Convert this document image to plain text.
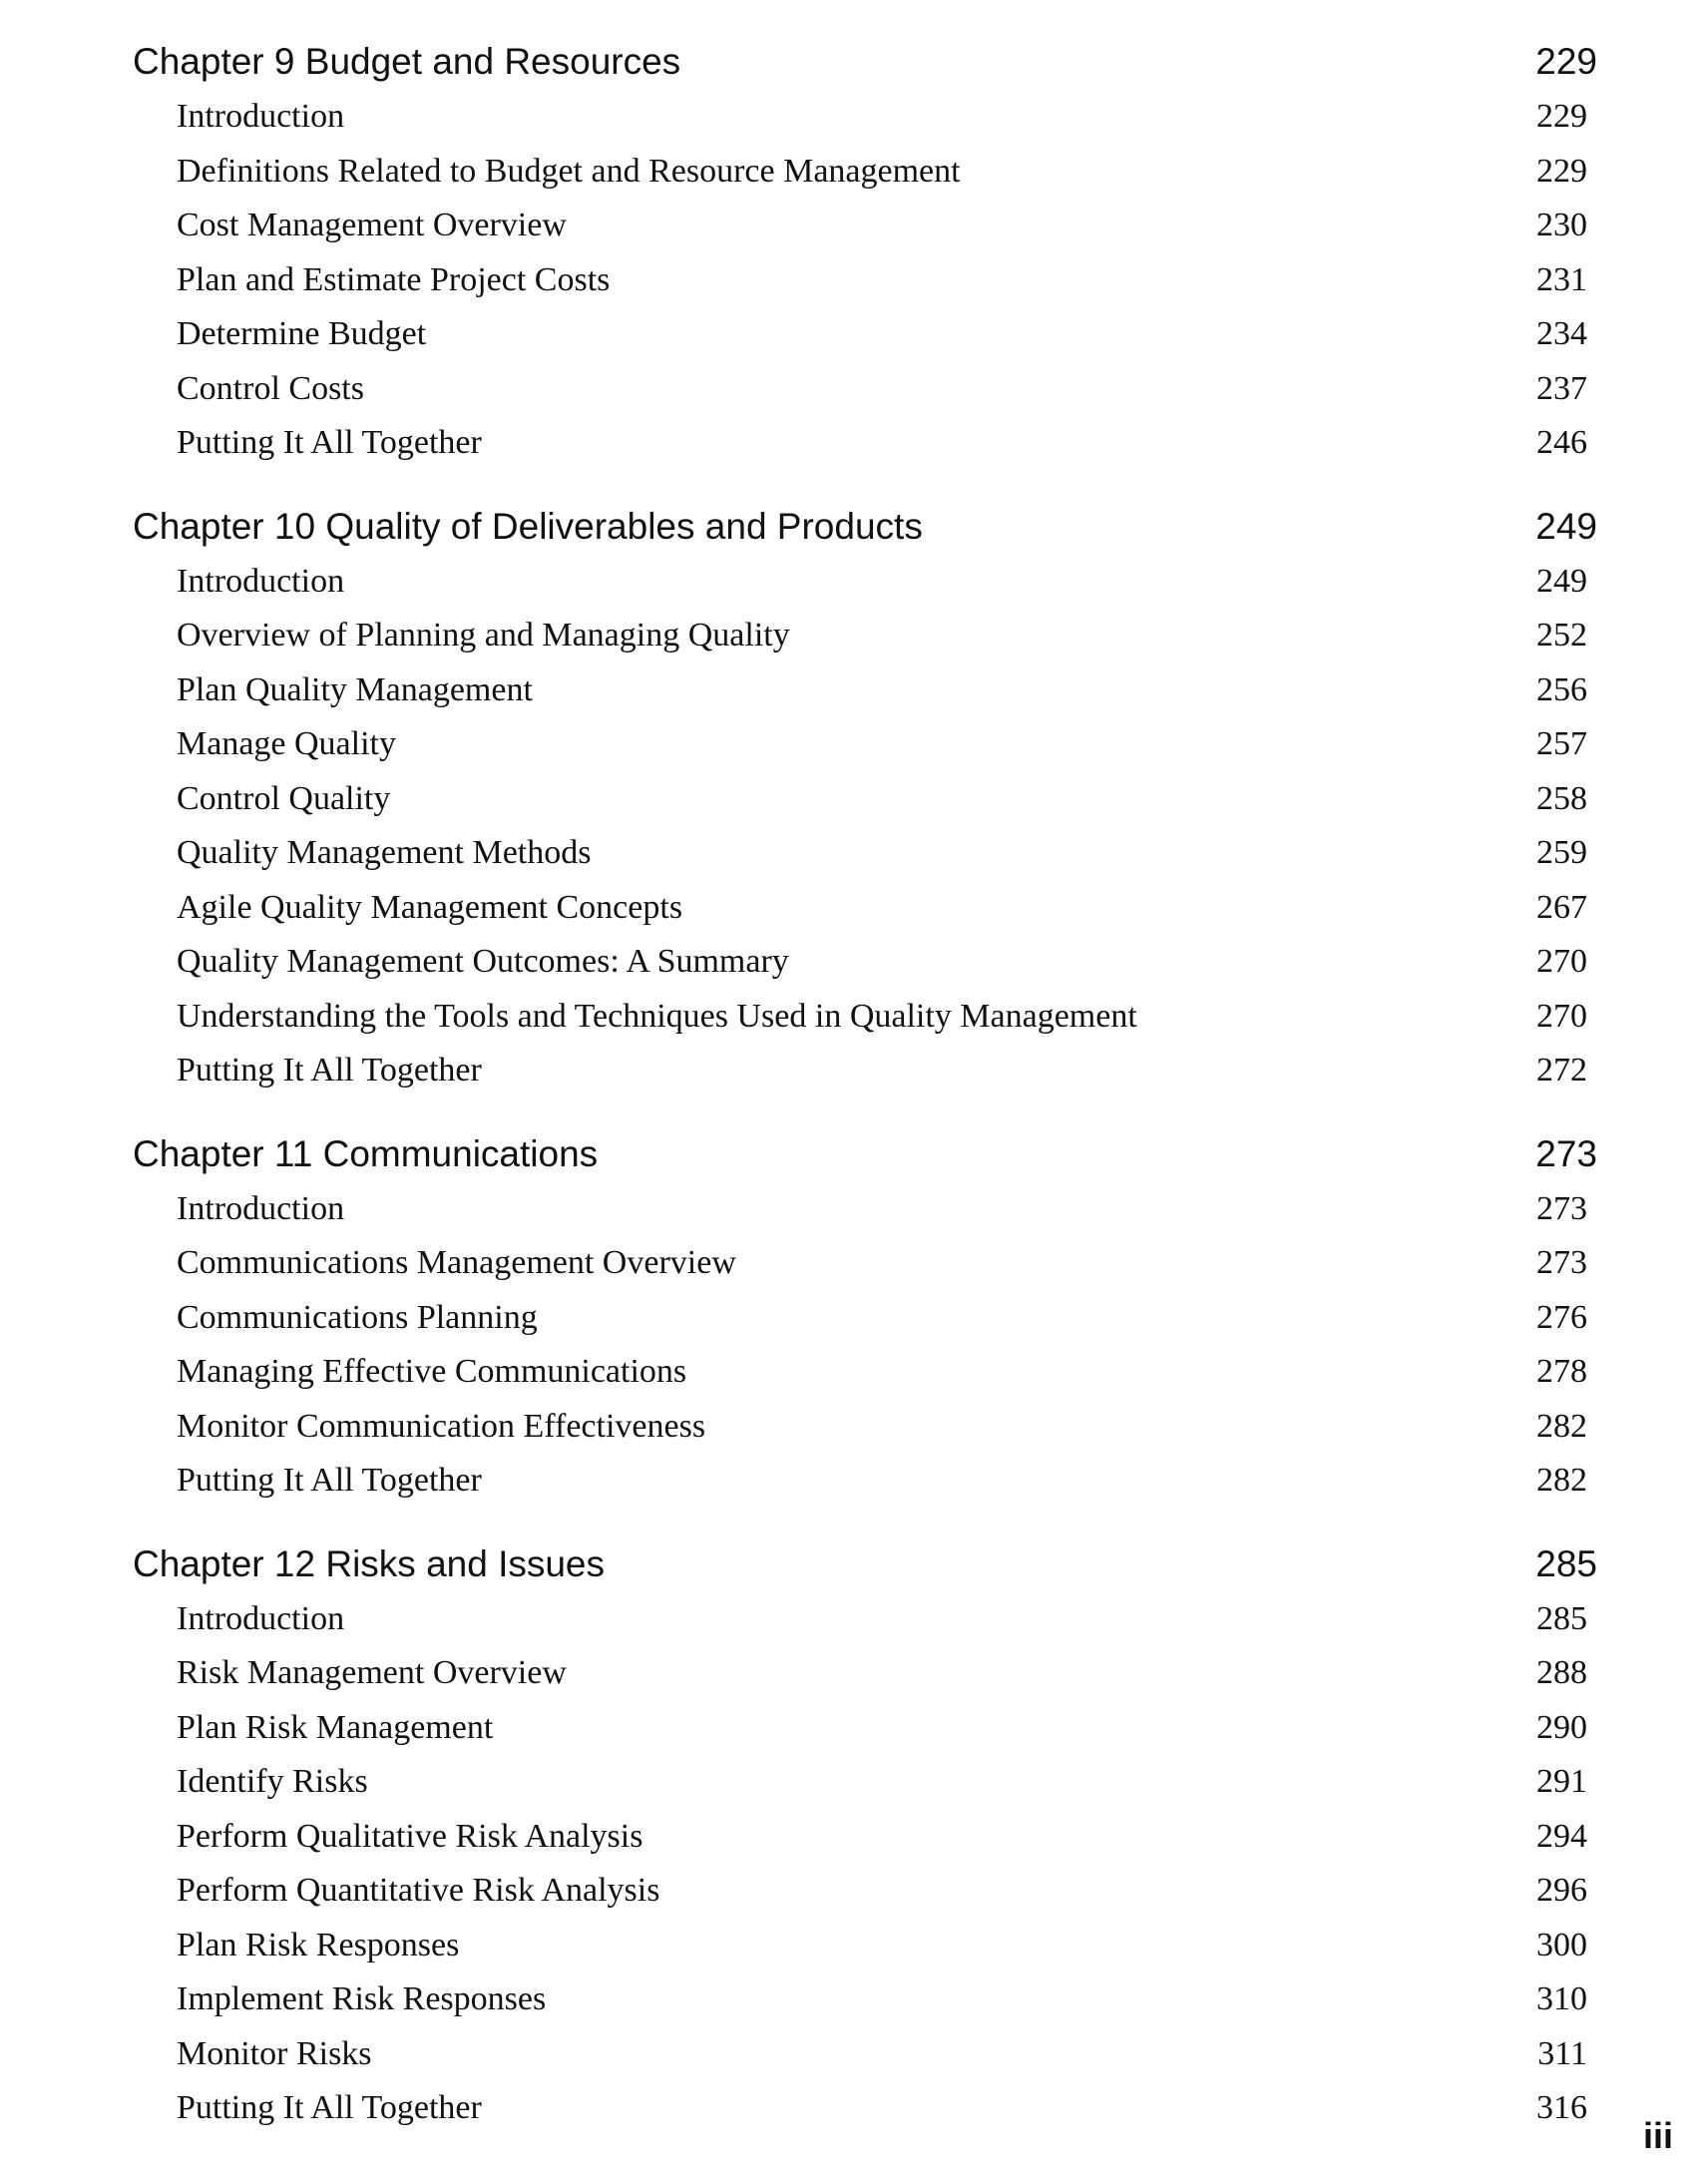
Chapter 9 Budget and Resources	229
Introduction	229
Definitions Related to Budget and Resource Management	229
Cost Management Overview	230
Plan and Estimate Project Costs	231
Determine Budget	234
Control Costs	237
Putting It All Together	246
Chapter 10 Quality of Deliverables and Products	249
Introduction	249
Overview of Planning and Managing Quality	252
Plan Quality Management	256
Manage Quality	257
Control Quality	258
Quality Management Methods	259
Agile Quality Management Concepts	267
Quality Management Outcomes: A Summary	270
Understanding the Tools and Techniques Used in Quality Management	270
Putting It All Together	272
Chapter 11 Communications	273
Introduction	273
Communications Management Overview	273
Communications Planning	276
Managing Effective Communications	278
Monitor Communication Effectiveness	282
Putting It All Together	282
Chapter 12 Risks and Issues	285
Introduction	285
Risk Management Overview	288
Plan Risk Management	290
Identify Risks	291
Perform Qualitative Risk Analysis	294
Perform Quantitative Risk Analysis	296
Plan Risk Responses	300
Implement Risk Responses	310
Monitor Risks	311
Putting It All Together	316
iii
